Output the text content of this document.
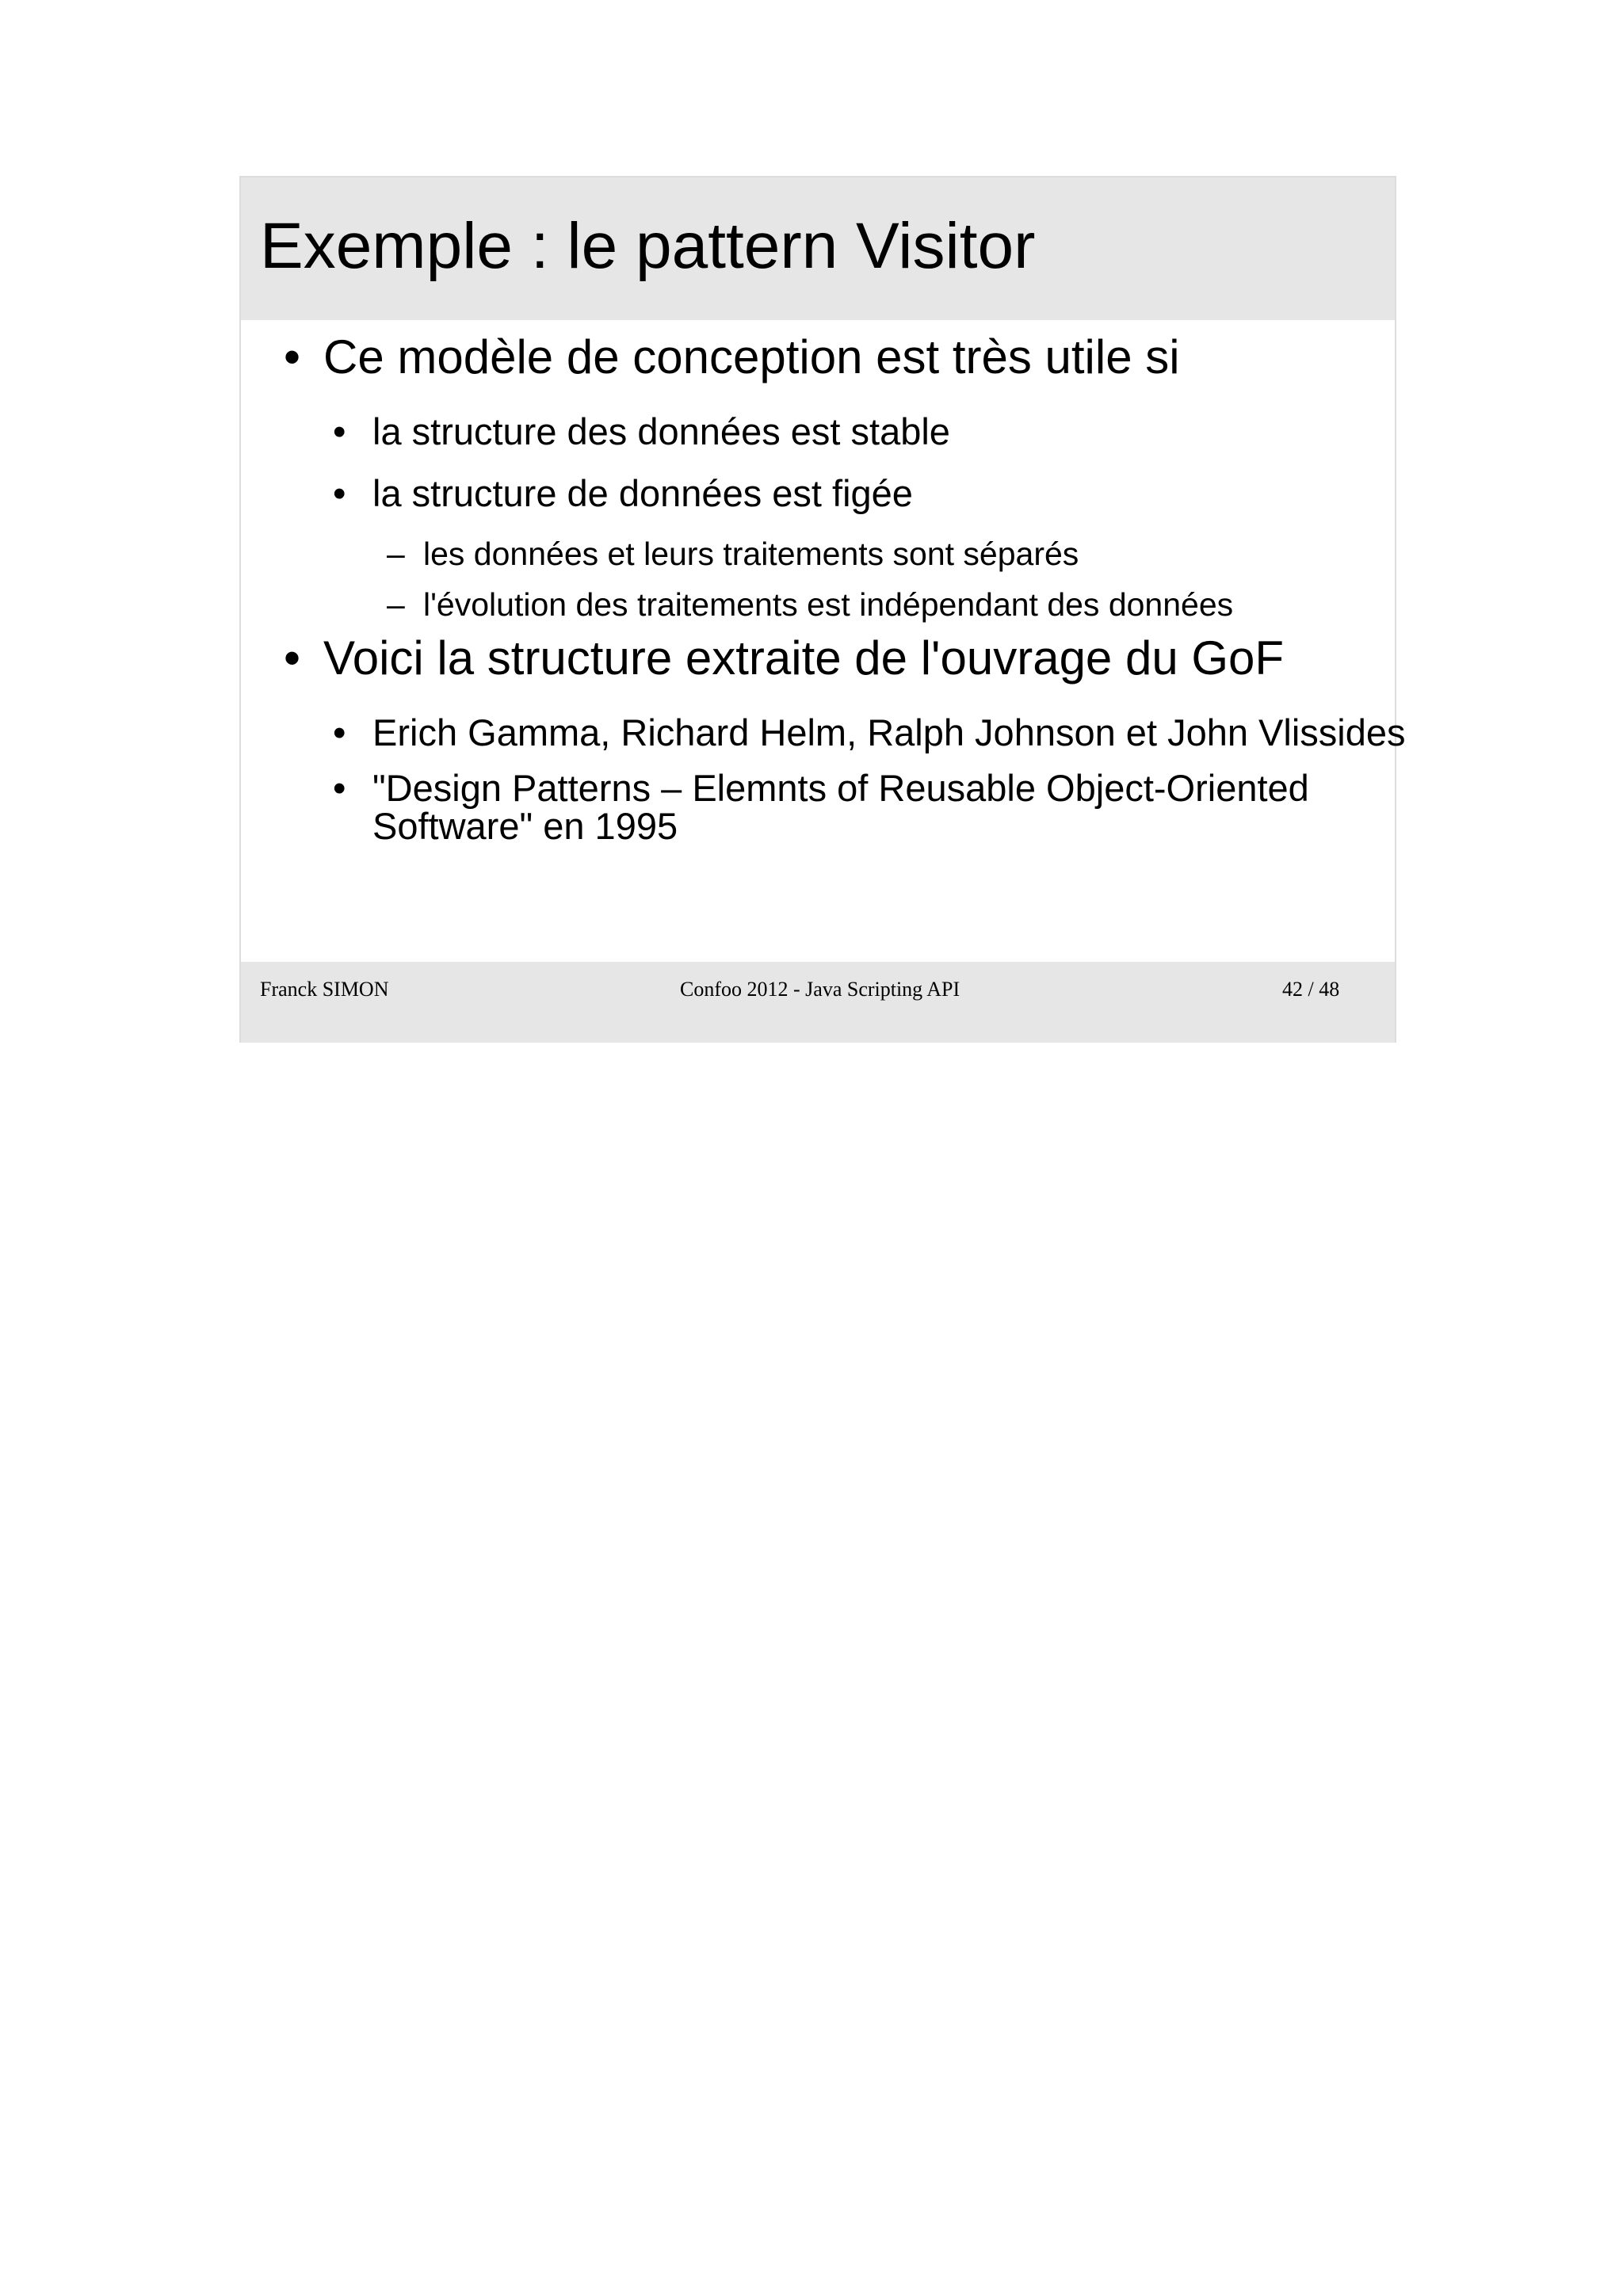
Exemple : le pattern Visitor
• Ce modèle de conception est très utile si
• la structure des données est stable
• la structure de données est figée
– les données et leurs traitements sont séparés
– l'évolution des traitements est indépendant des données
• Voici la structure extraite de l'ouvrage du GoF
• Erich Gamma, Richard Helm, Ralph Johnson et John Vlissides
• "Design Patterns – Elemnts of Reusable Object-Oriented
Software" en 1995
Franck SIMON	Confoo 2012 - Java Scripting API	42 / 48
